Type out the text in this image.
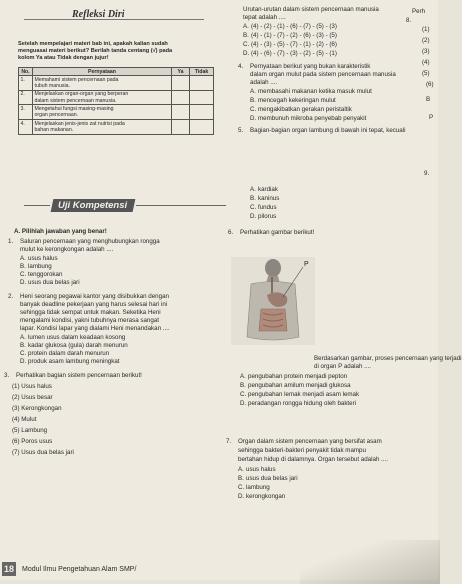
Refleksi Diri
Setelah mempelajari materi bab ini, apakah kalian sudah
menguasai materi berikut? Berilah tanda centang (√) pada
kolom Ya atau Tidak dengan jujur!
No.	Pernyataan	Ya	Tidak
1.	Memahami sistem pencernaan pada
tubuh manusia.		
2.	Menjelaskan organ-organ yang berperan
dalam sistem pencernaan manusia.		
3.	Mengetahui fungsi masing-masing
organ pencernaan.		
4.	Menjelaskan jenis-jenis zat nutrisi pada
bahan makanan.		
Uji Kompetensi
A. Pilihlah jawaban yang benar!
1. Saluran pencernaan yang menghubungkan rongga
mulut ke kerongkongan adalah ....
A. usus halus
B. lambung
C. tenggorokan
D. usus dua belas jari
2. Heni seorang pegawai kantor yang disibukkan dengan
banyak deadline pekerjaan yang harus selesai hari ini
sehingga tidak sempat untuk makan. Seketika Heni
mengalami kondisi, yakni tubuhnya merasa sangat
lapar. Kondisi lapar yang dialami Heni menandakan ....
A. lumen usus dalam keadaan kosong
B. kadar glukosa (gula) darah menurun
C. protein dalam darah menurun
D. produk asam lambung meningkat
3. Perhatikan bagian sistem pencernaan berikut!
(1) Usus halus
(2) Usus besar
(3) Kerongkongan
(4) Mulut
(5) Lambung
(6) Poros usus
(7) Usus dua belas jari
Urutan-urutan dalam sistem pencernaan manusia
tepat adalah ....
A. (4) - (2) - (1) - (6) - (7) - (5) - (3)
B. (4) - (1) - (7) - (2) - (6) - (3) - (5)
C. (4) - (3) - (5) - (7) - (1) - (2) - (6)
D. (4) - (6) - (7) - (3) - (2) - (5) - (1)
4. Pernyataan berikut yang bukan karakteristik
dalam organ mulut pada sistem pencernaan manusia
adalah ....
A. membasahi makanan ketika masuk mulut
B. mencegah kekeringan mulut
C. mengakibatkan gerakan peristaltik
D. membunuh mikroba penyebab penyakit
5. Bagian-bagian organ lambung di bawah ini tepat, kecuali
A. kardiak
B. kaninus
C. fundus
D. pilorus
6. Perhatikan gambar berikut!
P
Berdasarkan gambar, proses pencernaan yang terjadi
di organ P adalah ....
A. pengubahan protein menjadi pepton
B. pengubahan amilum menjadi glukosa
C. pengubahan lemak menjadi asam lemak
D. peradangan rongga hidung oleh bakteri
7. Organ dalam sistem pencernaan yang bersifat asam
sehingga bakteri-bakteri penyakit tidak mampu
bertahan hidup di dalamnya. Organ tersebut adalah ....
A. usus halus
B. usus dua belas jari
C. lambung
D. kerongkongan
Perh
8.
(1)
(2)
(3)
(4)
(5)
(6)
B
P
9.
18 Modul Ilmu Pengetahuan Alam SMP/
